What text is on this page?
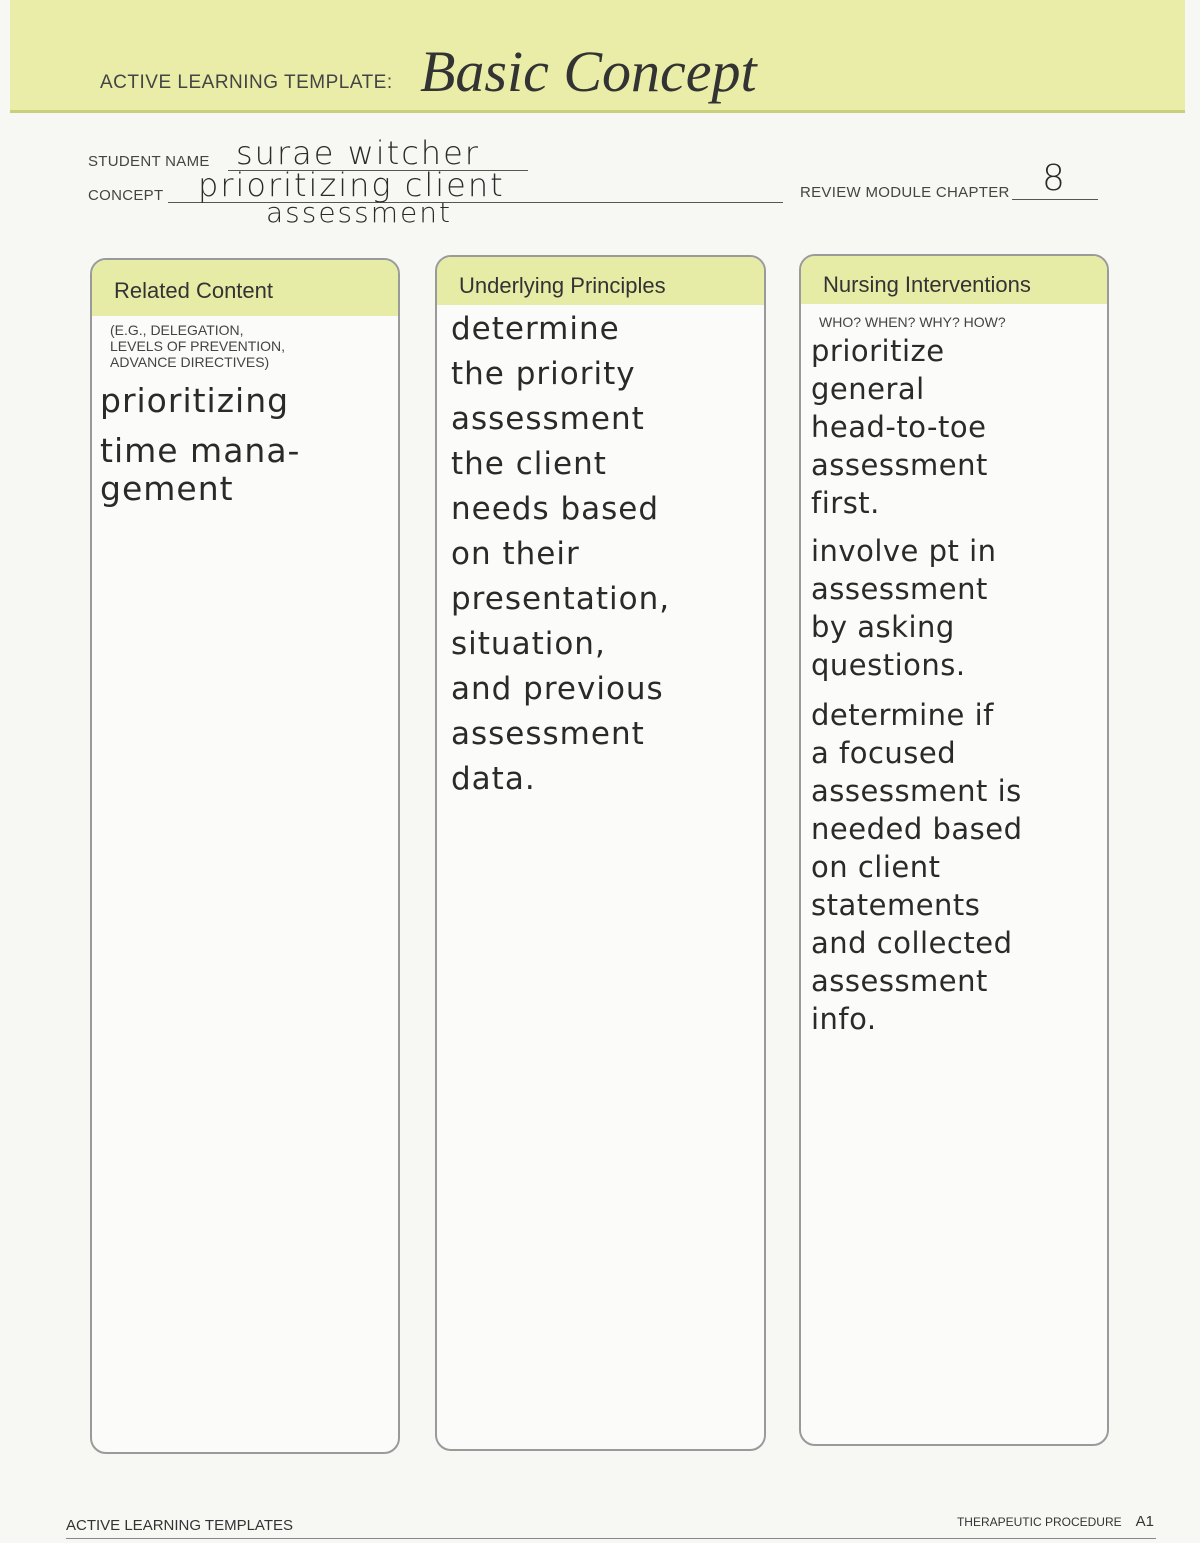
ACTIVE LEARNING TEMPLATE: Basic Concept
STUDENT NAME surae witcher
CONCEPT prioritizing client
assessment
REVIEW MODULE CHAPTER 8
Related Content
(E.G., DELEGATION,
LEVELS OF PREVENTION,
ADVANCE DIRECTIVES)
prioritizing
time mana-
gement
Underlying Principles
determine
the priority
assessment
the client
needs based
on their
presentation,
situation,
and previous
assessment
data.
Nursing Interventions
WHO? WHEN? WHY? HOW?
prioritize
general
head-to-toe
assessment
first.
involve pt in
assessment
by asking
questions.
determine if
a focused
assessment is
needed based
on client
statements
and collected
assessment
info.
ACTIVE LEARNING TEMPLATES	THERAPEUTIC PROCEDURE A1
